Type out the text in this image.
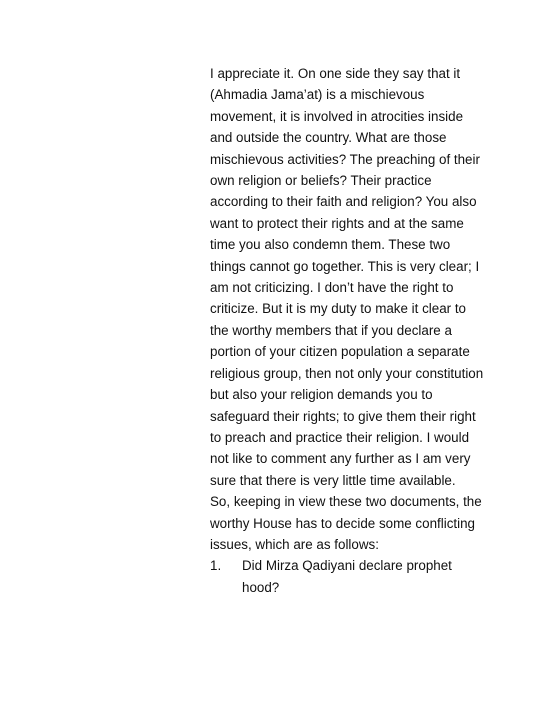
I appreciate it. On one side they say that it
(Ahmadia Jama’at) is a mischievous
movement, it is involved in atrocities inside
and outside the country. What are those
mischievous activities? The preaching of their
own religion or beliefs? Their practice
according to their faith and religion? You also
want to protect their rights and at the same
time you also condemn them. These two
things cannot go together. This is very clear; I
am not criticizing. I don’t have the right to
criticize. But it is my duty to make it clear to
the worthy members that if you declare a
portion of your citizen population a separate
religious group, then not only your constitution
but also your religion demands you to
safeguard their rights; to give them their right
to preach and practice their religion. I would
not like to comment any further as I am very
sure that there is very little time available.
So, keeping in view these two documents, the
worthy House has to decide some conflicting
issues, which are as follows:
1. Did Mirza Qadiyani declare prophet
hood?
